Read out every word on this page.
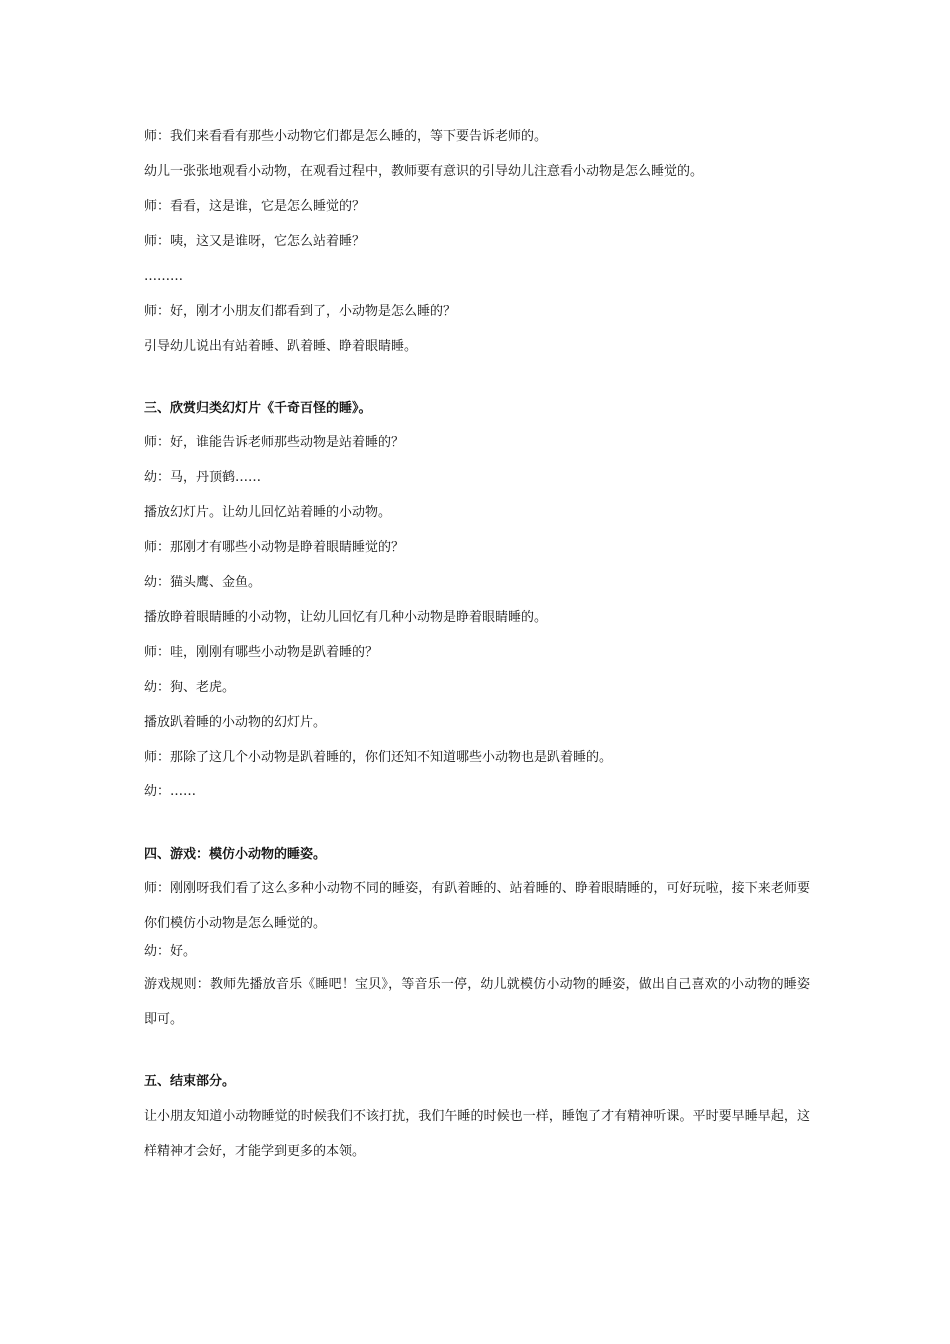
师：我们来看看有那些小动物它们都是怎么睡的，等下要告诉老师的。
幼儿一张张地观看小动物，在观看过程中，教师要有意识的引导幼儿注意看小动物是怎么睡觉的。
师：看看，这是谁，它是怎么睡觉的？
师：咦，这又是谁呀，它怎么站着睡？
………
师：好，刚才小朋友们都看到了，小动物是怎么睡的？
引导幼儿说出有站着睡、趴着睡、睁着眼睛睡。
三、欣赏归类幻灯片《千奇百怪的睡》。
师：好，谁能告诉老师那些动物是站着睡的？
幼：马，丹顶鹤……
播放幻灯片。让幼儿回忆站着睡的小动物。
师：那刚才有哪些小动物是睁着眼睛睡觉的？
幼：猫头鹰、金鱼。
播放睁着眼睛睡的小动物，让幼儿回忆有几种小动物是睁着眼睛睡的。
师：哇，刚刚有哪些小动物是趴着睡的？
幼：狗、老虎。
播放趴着睡的小动物的幻灯片。
师：那除了这几个小动物是趴着睡的，你们还知不知道哪些小动物也是趴着睡的。
幼：……
四、游戏：模仿小动物的睡姿。
师：刚刚呀我们看了这么多种小动物不同的睡姿，有趴着睡的、站着睡的、睁着眼睛睡的，可好玩啦，接下来老师要你们模仿小动物是怎么睡觉的。
幼：好。
游戏规则：教师先播放音乐《睡吧！宝贝》，等音乐一停，幼儿就模仿小动物的睡姿，做出自己喜欢的小动物的睡姿即可。
五、结束部分。
让小朋友知道小动物睡觉的时候我们不该打扰，我们午睡的时候也一样，睡饱了才有精神听课。平时要早睡早起，这样精神才会好，才能学到更多的本领。
